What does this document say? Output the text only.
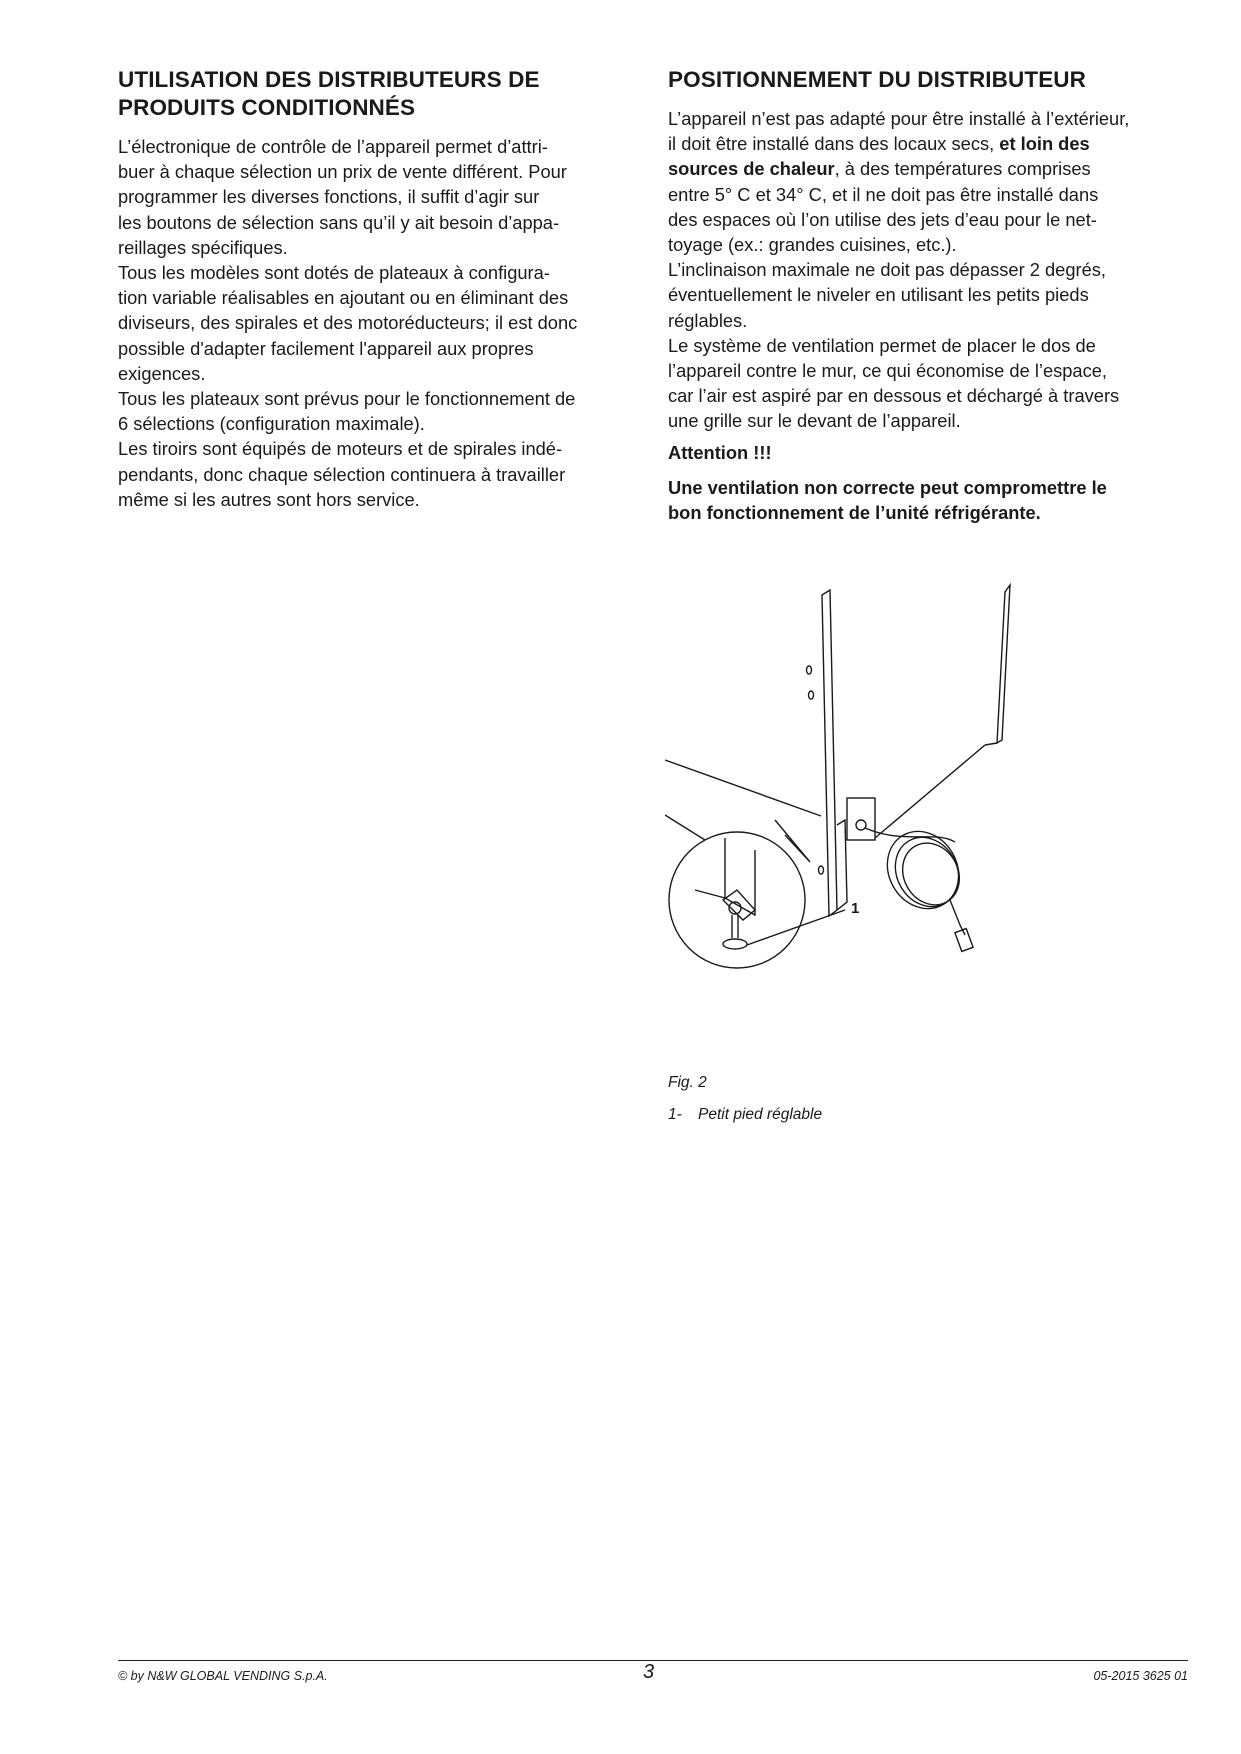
UTILISATION DES DISTRIBUTEURS DE
PRODUITS CONDITIONNÉS

L’électronique de contrôle de l’appareil permet d’attri-
buer à chaque sélection un prix de vente différent. Pour
programmer les diverses fonctions, il suffit d’agir sur
les boutons de sélection sans qu’il y ait besoin d’appa-
reillages spécifiques.

Tous les modèles sont dotés de plateaux à configura-
tion variable réalisables en ajoutant ou en éliminant des
diviseurs, des spirales et des motoréducteurs; il est donc
possible d'adapter facilement l'appareil aux propres
exigences.

Tous les plateaux sont prévus pour le fonctionnement de
6 sélections (configuration maximale).

Les tiroirs sont équipés de moteurs et de spirales indé-
pendants, donc chaque sélection continuera à travailler
même si les autres sont hors service.

POSITIONNEMENT DU DISTRIBUTEUR

L’appareil n’est pas adapté pour être installé à l’extérieur,
il doit être installé dans des locaux secs, et loin des
sources de chaleur, à des températures comprises
entre 5° C et 34° C, et il ne doit pas être installé dans
des espaces où l’on utilise des jets d’eau pour le net-
toyage (ex.: grandes cuisines, etc.).

L’inclinaison maximale ne doit pas dépasser 2 degrés,
éventuellement le niveler en utilisant les petits pieds
réglables.

Le système de ventilation permet de placer le dos de
l’appareil contre le mur, ce qui économise de l’espace,
car l’air est aspiré par en dessous et déchargé à travers
une grille sur le devant de l’appareil.

Attention !!!

Une ventilation non correcte peut compromettre le
bon fonctionnement de l’unité réfrigérante.

1

Fig. 2

1- Petit pied réglable

© by N&W GLOBAL VENDING S.p.A.	3	05-2015 3625 01
